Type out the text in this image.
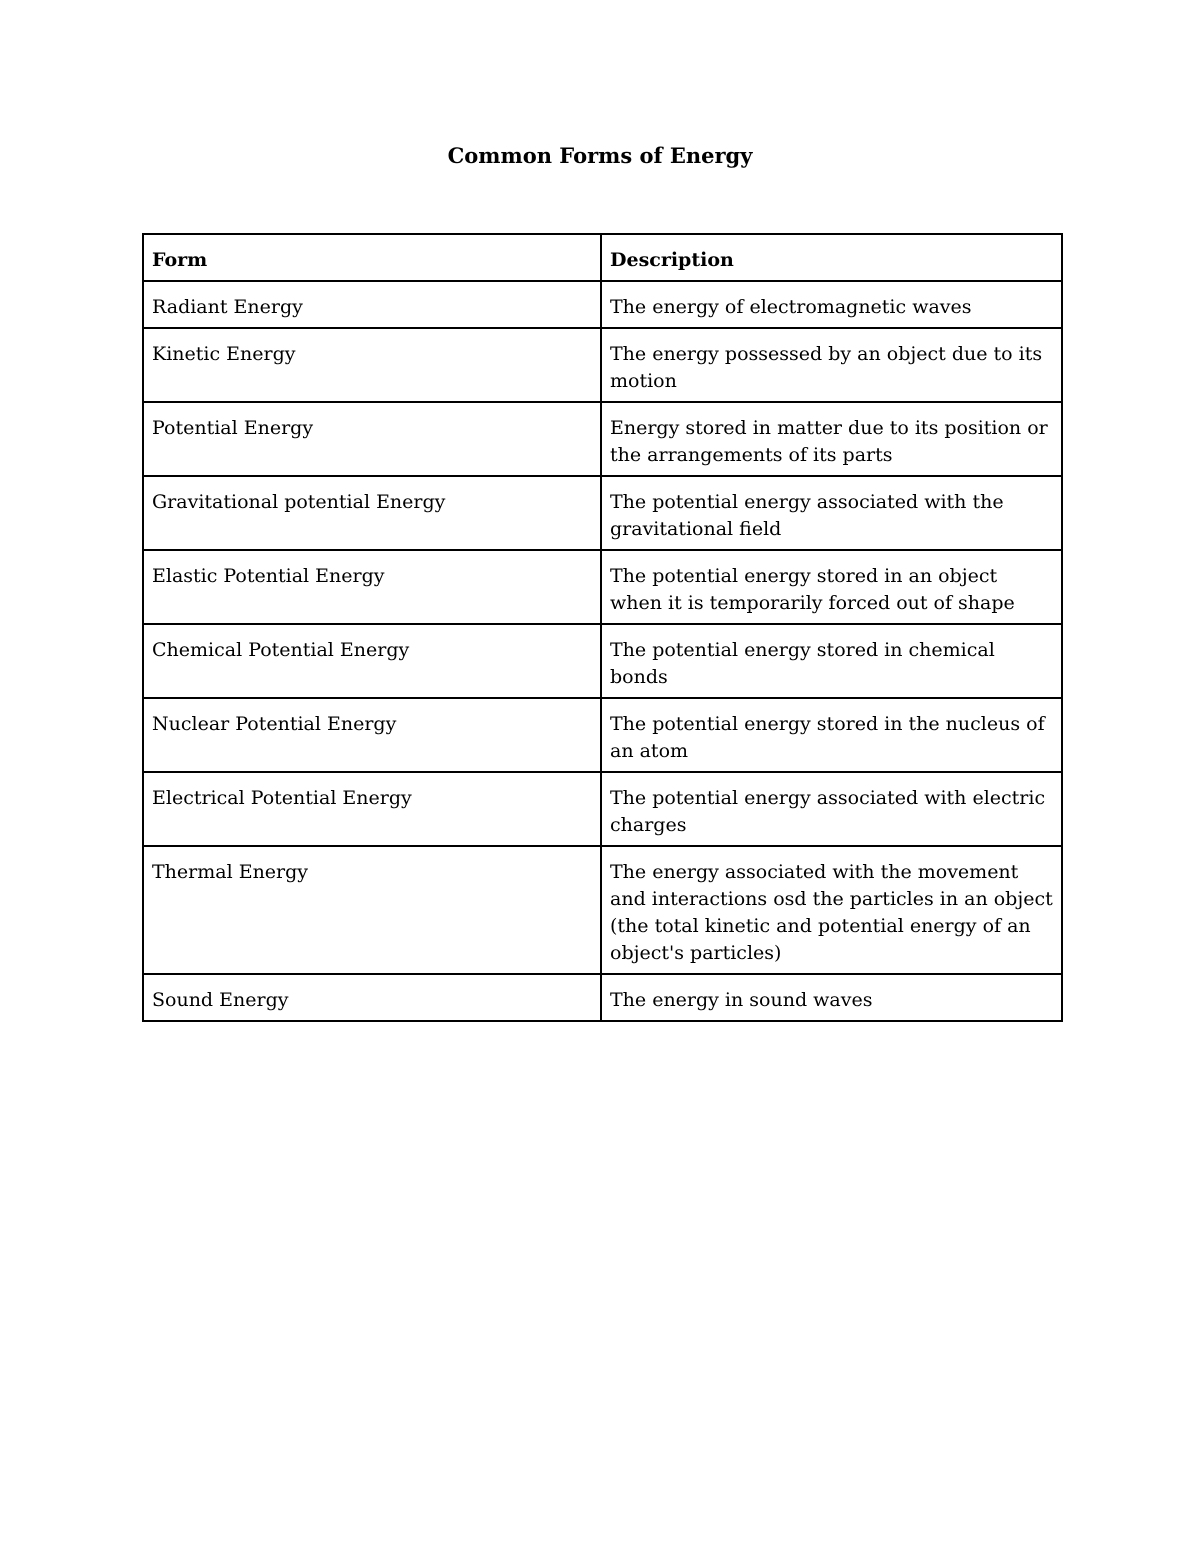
Common Forms of Energy
Form	Description
Radiant Energy	The energy of electromagnetic waves
Kinetic Energy	The energy possessed by an object due to its motion
Potential Energy	Energy stored in matter due to its position or the arrangements of its parts
Gravitational potential Energy	The potential energy associated with the gravitational field
Elastic Potential Energy	The potential energy stored in an object when it is temporarily forced out of shape
Chemical Potential Energy	The potential energy stored in chemical bonds
Nuclear Potential Energy	The potential energy stored in the nucleus of an atom
Electrical Potential Energy	The potential energy associated with electric charges
Thermal Energy	The energy associated with the movement and interactions osd the particles in an object (the total kinetic and potential energy of an object's particles)
Sound Energy	The energy in sound waves
